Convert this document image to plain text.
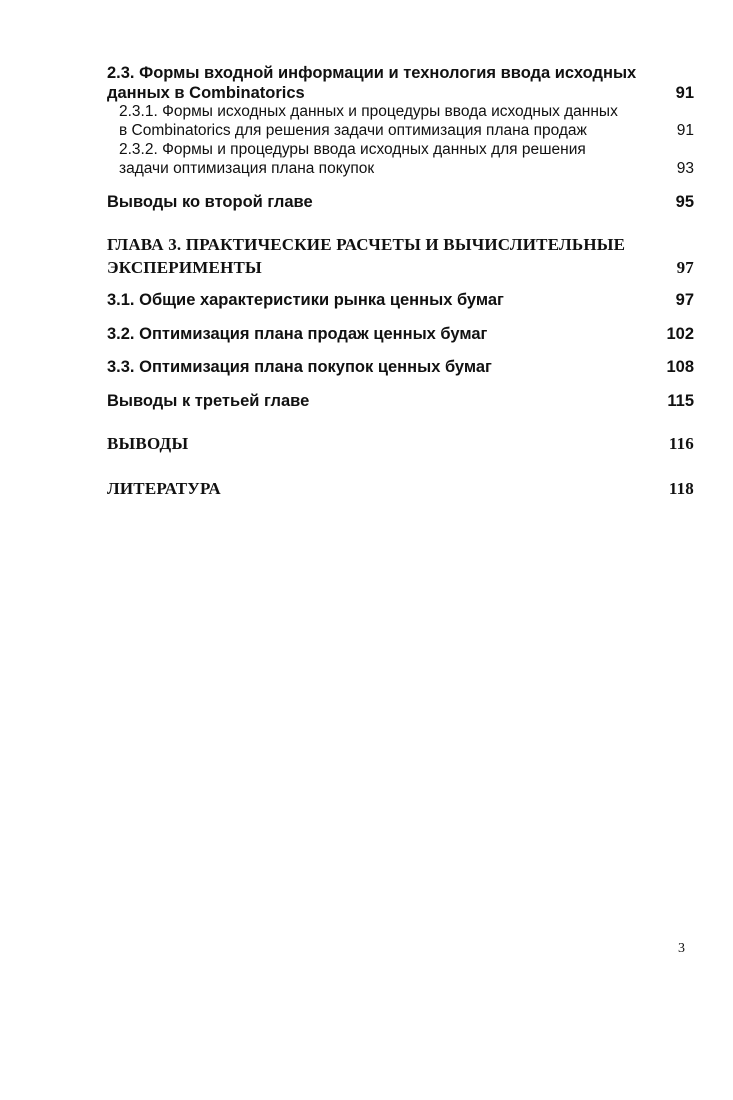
2.3. Формы входной информации и технология ввода исходных
данных в Combinatorics	91
2.3.1. Формы исходных данных и процедуры ввода исходных данных
в Combinatorics для решения задачи оптимизация плана продаж	91
2.3.2. Формы и процедуры ввода исходных данных для решения
задачи оптимизация плана покупок	93
Выводы ко второй главе	95
ГЛАВА 3. ПРАКТИЧЕСКИЕ РАСЧЕТЫ И ВЫЧИСЛИТЕЛЬНЫЕ
ЭКСПЕРИМЕНТЫ	97
3.1. Общие характеристики рынка ценных бумаг	97
3.2. Оптимизация плана продаж ценных бумаг	102
3.3. Оптимизация плана покупок ценных бумаг	108
Выводы к третьей главе	115
ВЫВОДЫ	116
ЛИТЕРАТУРА	118
3
